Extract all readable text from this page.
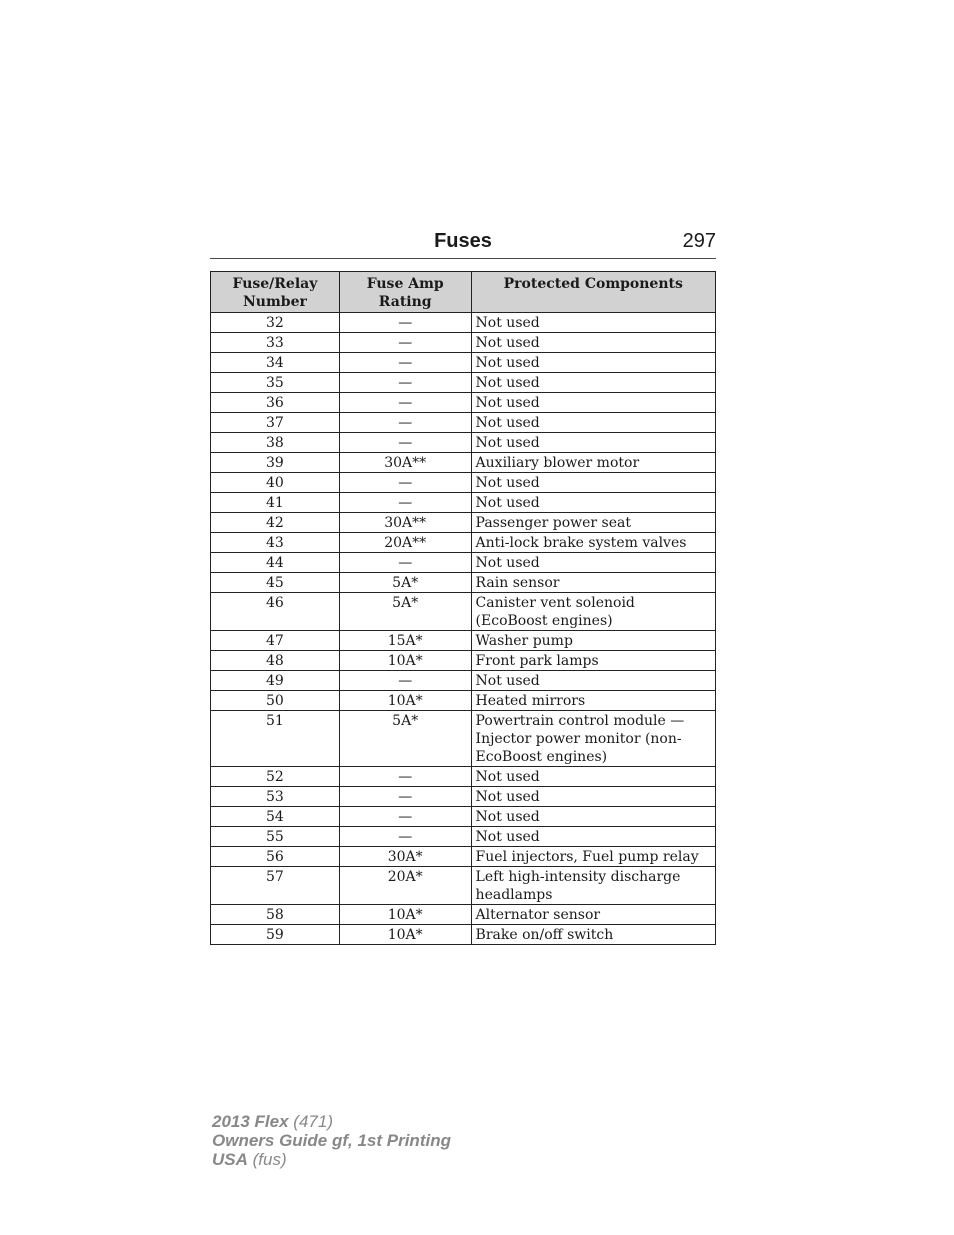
Fuses	297
Fuse/Relay Number	Fuse Amp Rating	Protected Components
32	—	Not used
33	—	Not used
34	—	Not used
35	—	Not used
36	—	Not used
37	—	Not used
38	—	Not used
39	30A**	Auxiliary blower motor
40	—	Not used
41	—	Not used
42	30A**	Passenger power seat
43	20A**	Anti-lock brake system valves
44	—	Not used
45	5A*	Rain sensor
46	5A*	Canister vent solenoid (EcoBoost engines)
47	15A*	Washer pump
48	10A*	Front park lamps
49	—	Not used
50	10A*	Heated mirrors
51	5A*	Powertrain control module — Injector power monitor (non-EcoBoost engines)
52	—	Not used
53	—	Not used
54	—	Not used
55	—	Not used
56	30A*	Fuel injectors, Fuel pump relay
57	20A*	Left high-intensity discharge headlamps
58	10A*	Alternator sensor
59	10A*	Brake on/off switch
2013 Flex (471)
Owners Guide gf, 1st Printing
USA (fus)
